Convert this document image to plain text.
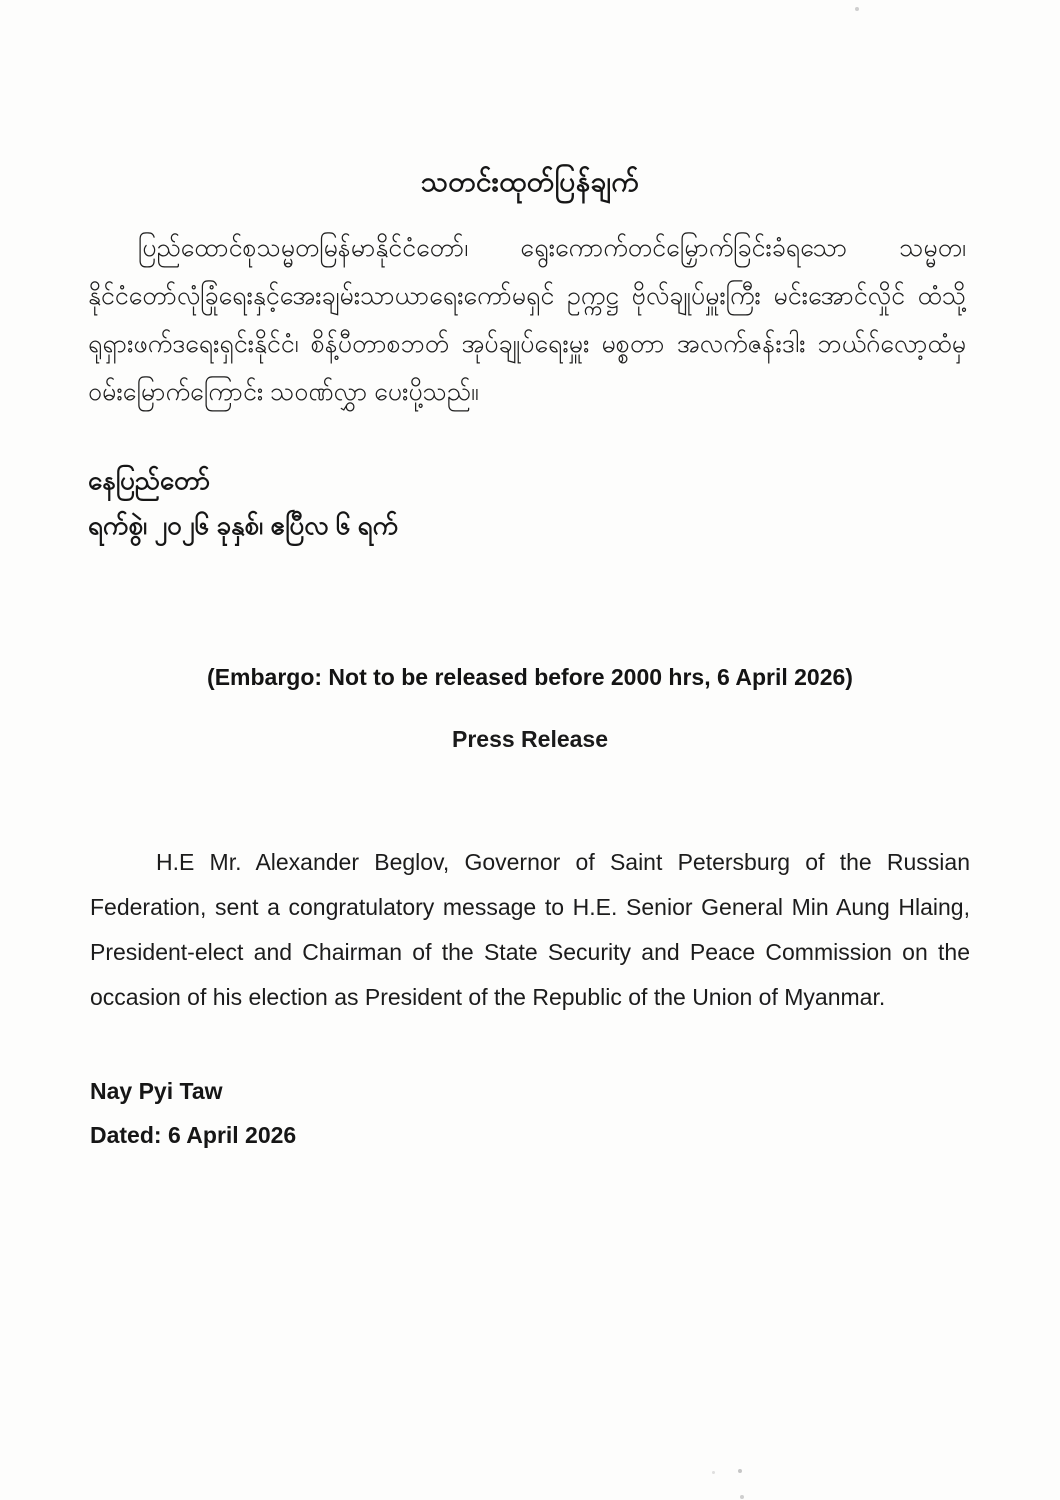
သတင်းထုတ်ပြန်ချက်
ပြည်ထောင်စုသမ္မတမြန်မာနိုင်ငံတော်၊ ရွေးကောက်တင်မြှောက်ခြင်းခံရသော သမ္မတ၊ နိုင်ငံတော်လုံခြုံရေးနှင့်အေးချမ်းသာယာရေးကော်မရှင် ဥက္ကဋ္ဌ ဗိုလ်ချုပ်မှူးကြီး မင်းအောင်လှိုင် ထံသို့ ရုရှားဖက်ဒရေးရှင်းနိုင်ငံ၊ စိန့်ပီတာစဘတ် အုပ်ချုပ်ရေးမှူး မစ္စတာ အလက်ဇန်းဒါး ဘယ်ဂ်လော့ထံမှ ဝမ်းမြောက်ကြောင်း သဝဏ်လွှာ ပေးပို့သည်။
နေပြည်တော်
ရက်စွဲ၊ ၂၀၂၆ ခုနှစ်၊ ဧပြီလ ၆ ရက်
(Embargo: Not to be released before 2000 hrs, 6 April 2026)
Press Release
H.E Mr. Alexander Beglov, Governor of Saint Petersburg of the Russian Federation, sent a congratulatory message to H.E. Senior General Min Aung Hlaing, President-elect and Chairman of the State Security and Peace Commission on the occasion of his election as President of the Republic of the Union of Myanmar.
Nay Pyi Taw
Dated: 6 April 2026
